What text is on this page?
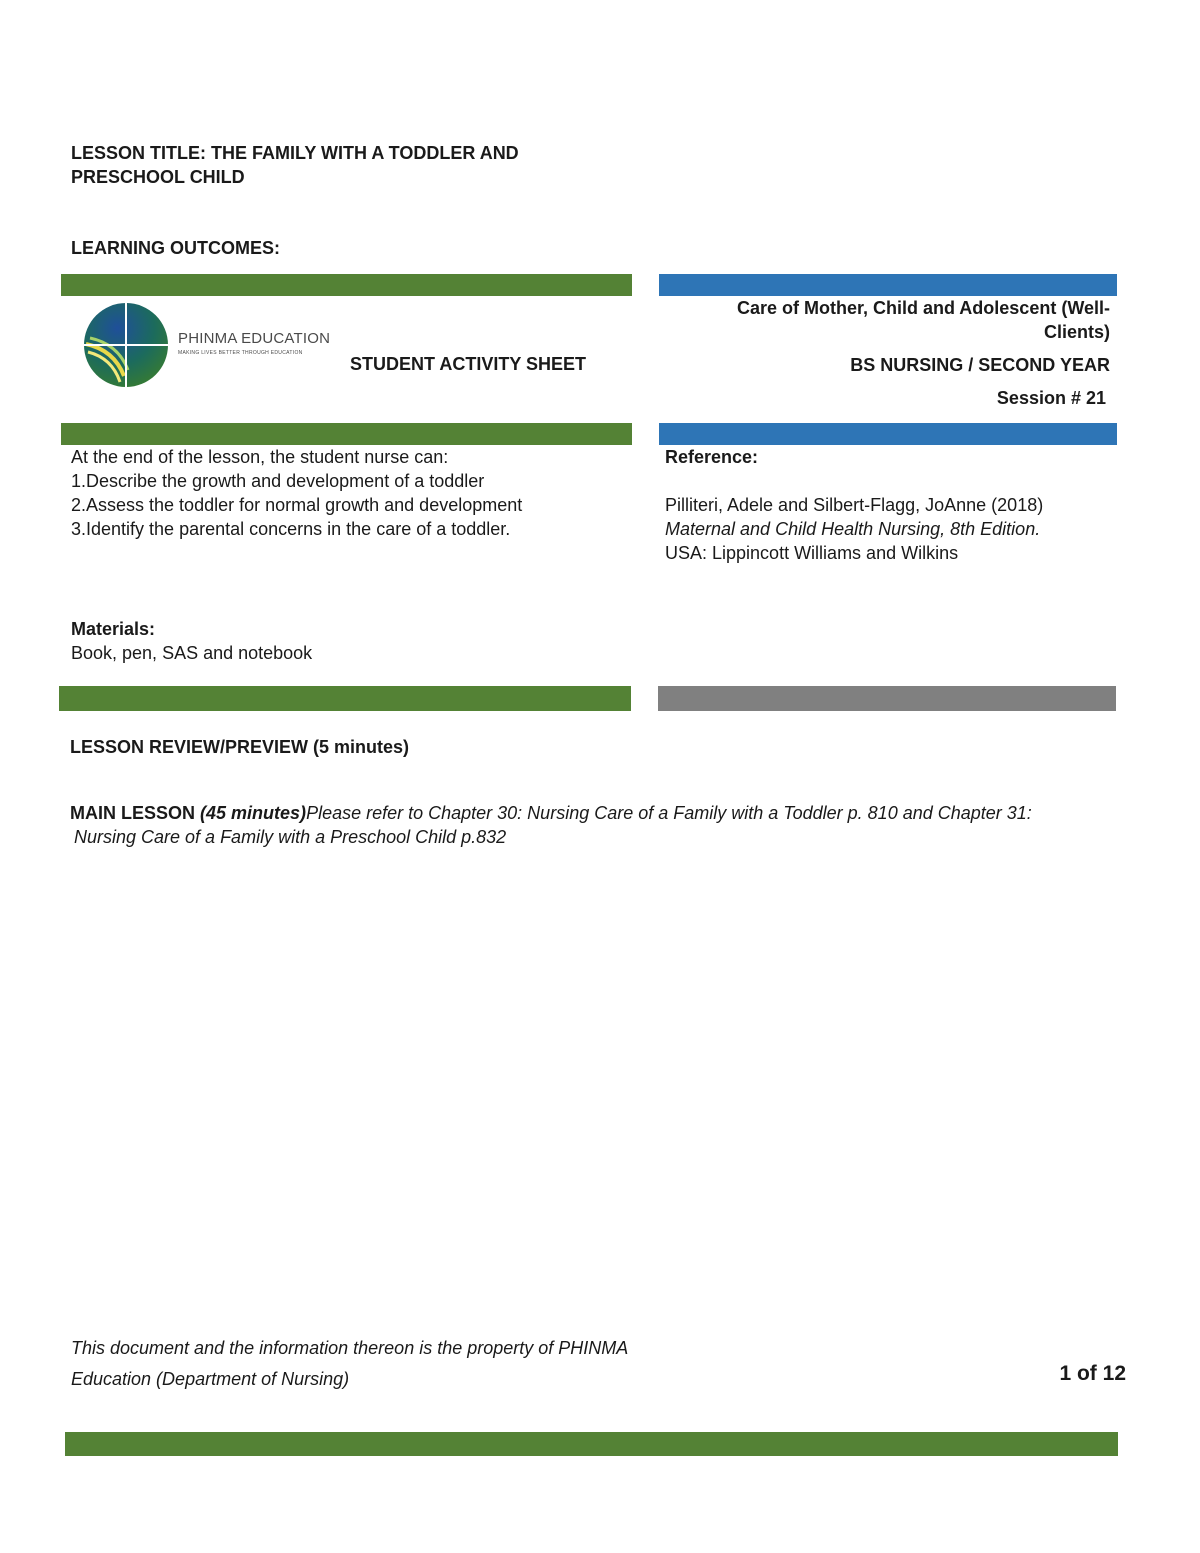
LESSON TITLE: THE FAMILY WITH A TODDLER AND
PRESCHOOL CHILD
LEARNING OUTCOMES:
PHINMA EDUCATION
MAKING LIVES BETTER THROUGH EDUCATION
STUDENT ACTIVITY SHEET
Care of Mother, Child and Adolescent (Well-
Clients)
BS NURSING / SECOND YEAR
Session # 21
At the end of the lesson, the student nurse can:
1.Describe the growth and development of a toddler
2.Assess the toddler for normal growth and development
3.Identify the parental concerns in the care of a toddler.
Reference:
Pilliteri, Adele and Silbert-Flagg, JoAnne (2018)
Maternal and Child Health Nursing, 8th Edition.
USA: Lippincott Williams and Wilkins
Materials:
Book, pen, SAS and notebook
LESSON REVIEW/PREVIEW (5 minutes)
MAIN LESSON (45 minutes)Please refer to Chapter 30: Nursing Care of a Family with a Toddler p. 810 and Chapter 31:
Nursing Care of a Family with a Preschool Child p.832
This document and the information thereon is the property of PHINMA
Education (Department of Nursing)	1 of 12
